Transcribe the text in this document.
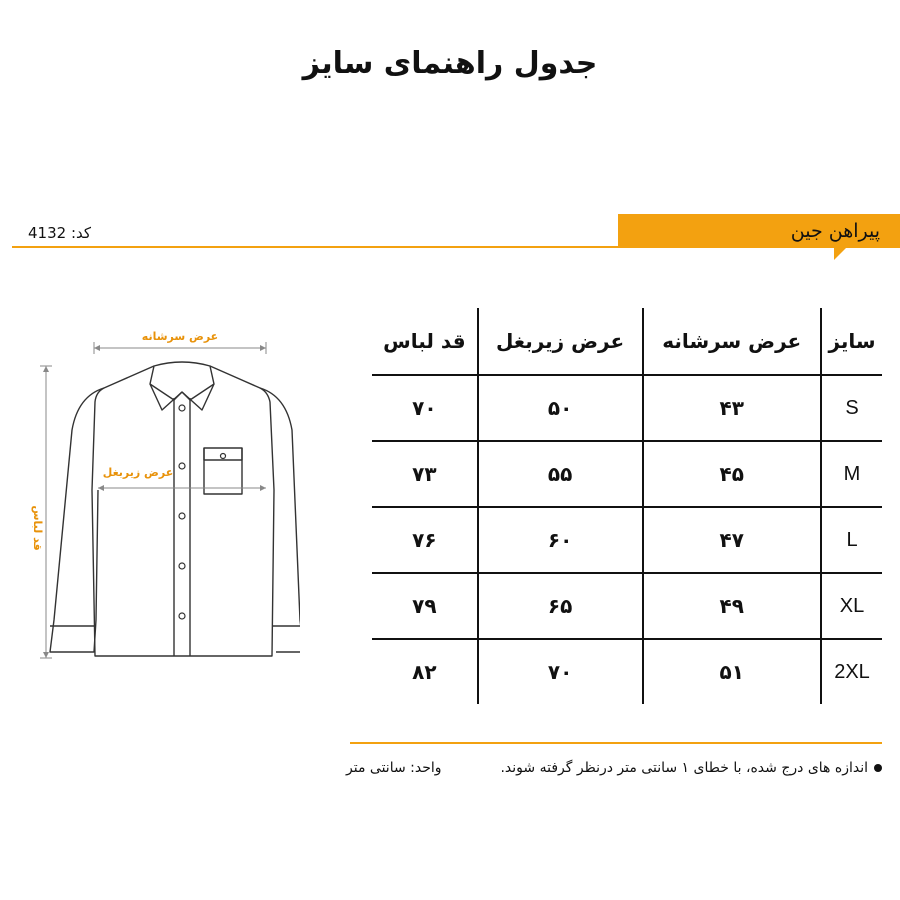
جدول راهنمای سایز
کد: 4132	پیراهن جین
عرض سرشانه
قد لباس
عرض زیربغل
سایز	عرض سرشانه	عرض زیربغل	قد لباس
S	۴۳	۵۰	۷۰
M	۴۵	۵۵	۷۳
L	۴۷	۶۰	۷۶
XL	۴۹	۶۵	۷۹
2XL	۵۱	۷۰	۸۲
اندازه های درج شده، با خطای ۱ سانتی متر درنظر گرفته شوند.
واحد: سانتی متر
